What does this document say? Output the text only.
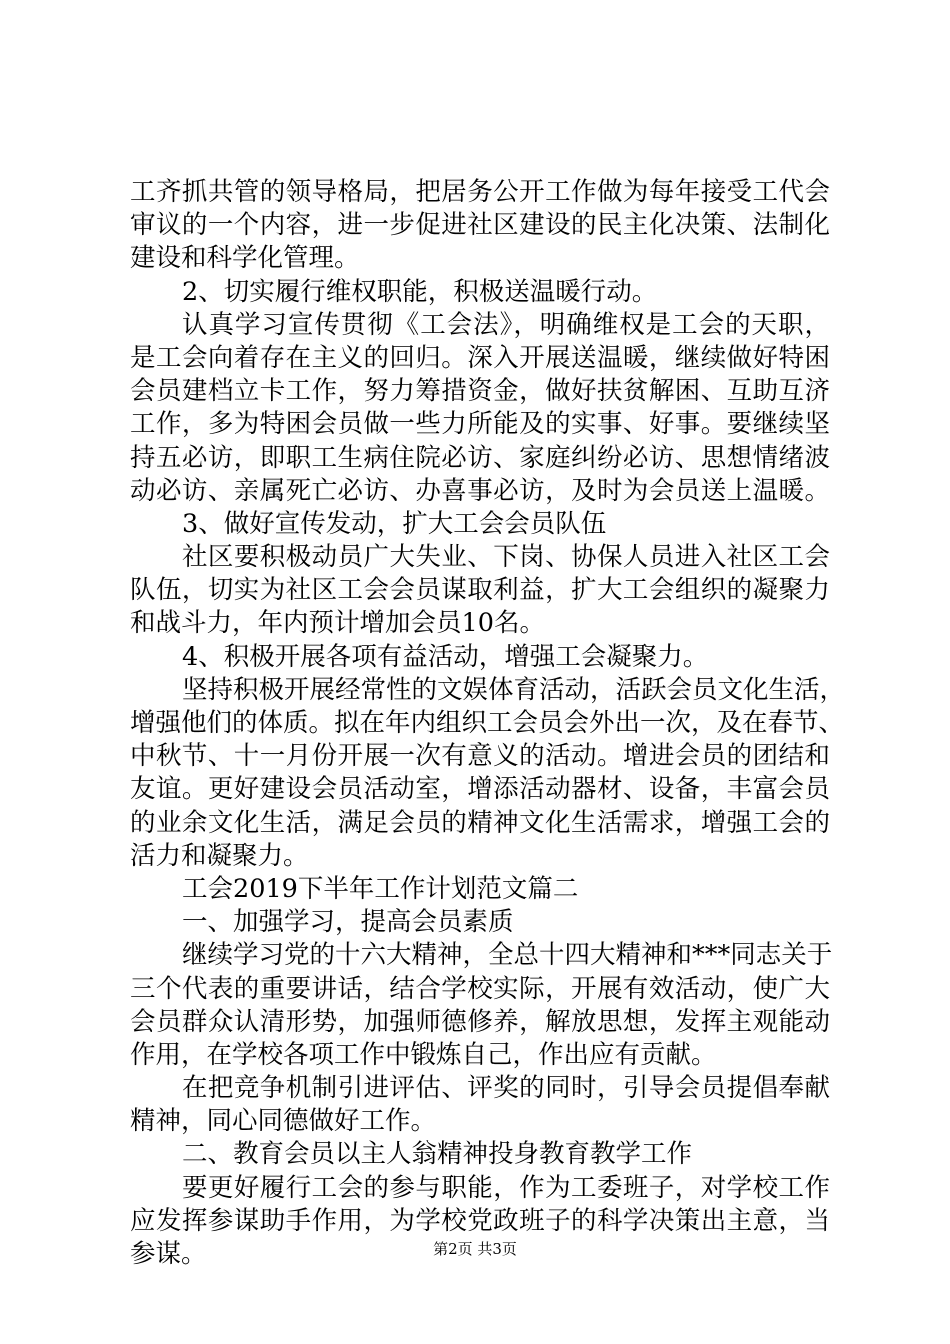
工齐抓共管的领导格局，把居务公开工作做为每年接受工代会
审议的一个内容，进一步促进社区建设的民主化决策、法制化
建设和科学化管理。
2、切实履行维权职能，积极送温暖行动。
认真学习宣传贯彻《工会法》，明确维权是工会的天职，
是工会向着存在主义的回归。深入开展送温暖，继续做好特困
会员建档立卡工作，努力筹措资金，做好扶贫解困、互助互济
工作，多为特困会员做一些力所能及的实事、好事。要继续坚
持五必访，即职工生病住院必访、家庭纠纷必访、思想情绪波
动必访、亲属死亡必访、办喜事必访，及时为会员送上温暖。
3、做好宣传发动，扩大工会会员队伍
社区要积极动员广大失业、下岗、协保人员进入社区工会
队伍，切实为社区工会会员谋取利益，扩大工会组织的凝聚力
和战斗力，年内预计增加会员10名。
4、积极开展各项有益活动，增强工会凝聚力。
坚持积极开展经常性的文娱体育活动，活跃会员文化生活，
增强他们的体质。拟在年内组织工会员会外出一次，及在春节、
中秋节、十一月份开展一次有意义的活动。增进会员的团结和
友谊。更好建设会员活动室，增添活动器材、设备，丰富会员
的业余文化生活，满足会员的精神文化生活需求，增强工会的
活力和凝聚力。
工会2019下半年工作计划范文篇二
一、加强学习，提高会员素质
继续学习党的十六大精神，全总十四大精神和***同志关于
三个代表的重要讲话，结合学校实际，开展有效活动，使广大
会员群众认清形势，加强师德修养，解放思想，发挥主观能动
作用，在学校各项工作中锻炼自己，作出应有贡献。
在把竞争机制引进评估、评奖的同时，引导会员提倡奉献
精神，同心同德做好工作。
二、教育会员以主人翁精神投身教育教学工作
要更好履行工会的参与职能，作为工委班子，对学校工作
应发挥参谋助手作用，为学校党政班子的科学决策出主意，当
参谋。	第2页 共3页
